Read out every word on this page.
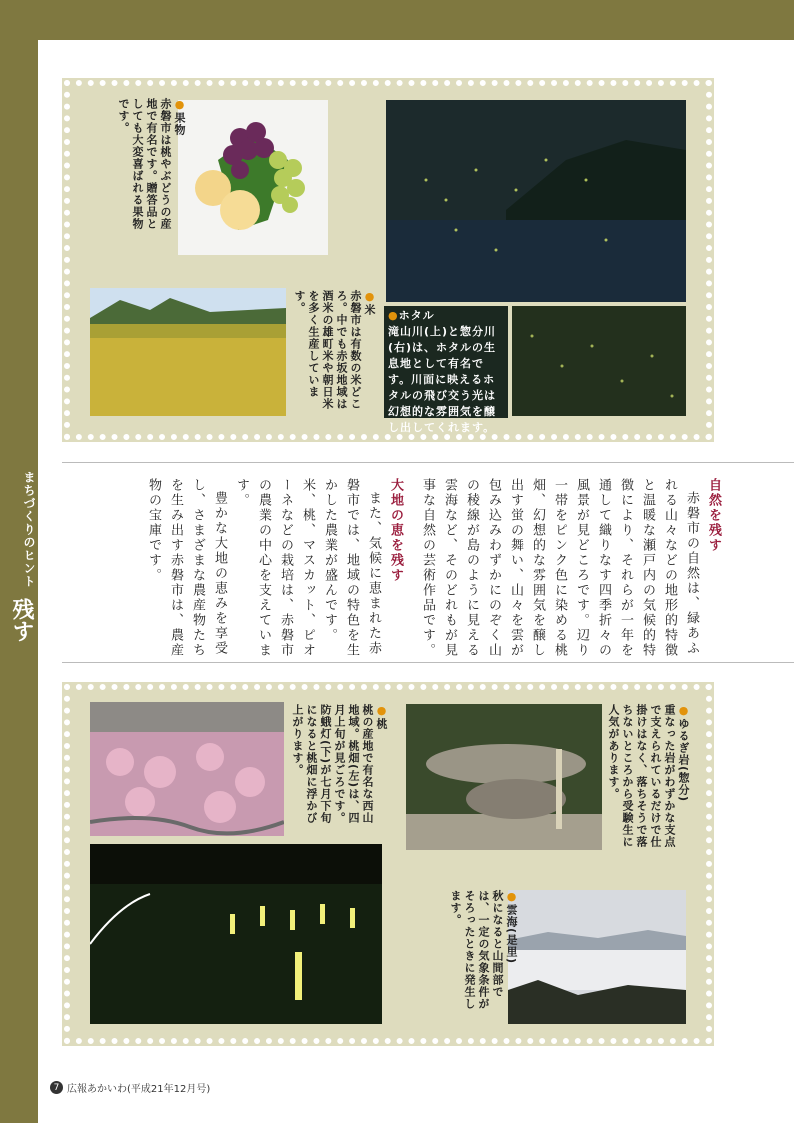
まちづくりのヒント
残す
● 果物
赤磐市は桃やぶどうの産地で有名です。贈答品としても大変喜ばれる果物です。
● 米
赤磐市は有数の米どころ。中でも赤坂地域は酒米の雄町米や朝日米を多く生産しています。
● ホタル
滝山川(上)と惣分川(右)は、ホタルの生息地として有名です。川面に映えるホタルの飛び交う光は幻想的な雰囲気を醸し出してくれます。
自然を残す

赤磐市の自然は、緑あふれる山々などの地形的特徴と温暖な瀬戸内の気候的特徴により、それらが一年を通して織りなす四季折々の風景が見どころです。辺り一帯をピンク色に染める桃畑、幻想的な雰囲気を醸し出す蛍の舞い、山々を雲が包み込みわずかにのぞく山の稜線が島のように見える雲海など、そのどれもが見事な自然の芸術作品です。

大地の恵を残す

また、気候に恵まれた赤磐市では、地域の特色を生かした農業が盛んです。米、桃、マスカット、ピオーネなどの栽培は、赤磐市の農業の中心を支えています。

豊かな大地の恵みを享受し、さまざまな農産物たちを生み出す赤磐市は、農産物の宝庫です。

● 桃
桃の産地で有名な西山地域。桃畑(左)は、四月上旬が見ごろです。防蛾灯(下)が七月下旬になると桃畑に浮かび上がります。
●	ゆるぎ岩(惣分)
重なった岩がわずかな支点で支えられているだけで仕掛けはなく、落ちそうで落ちないところから受験生に人気があります。
● 雲海(是里)
秋になると山間部では、一定の気象条件がそろったときに発生します。
7 広報あかいわ(平成21年12月号)
